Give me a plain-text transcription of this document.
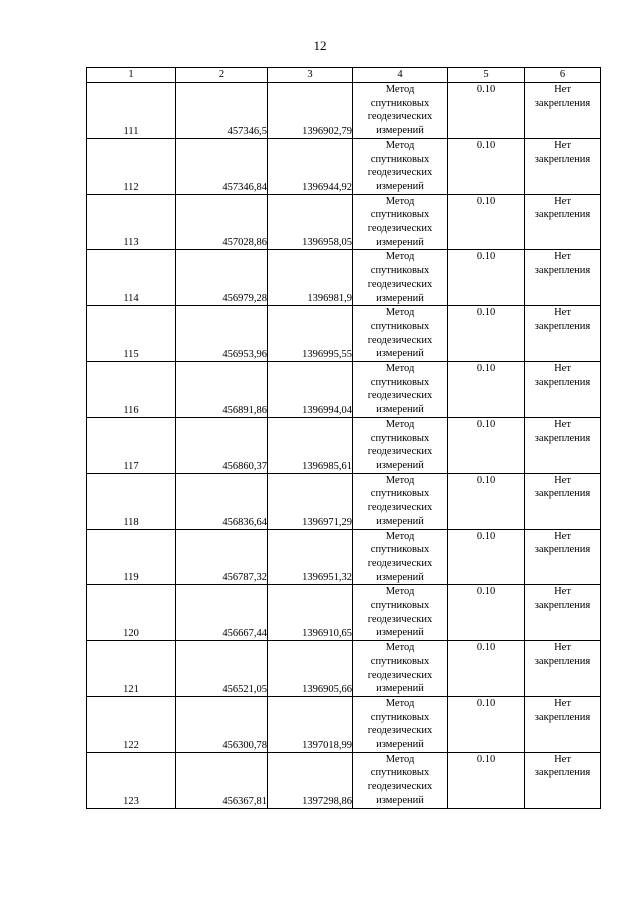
12
1	2	3	4	5	6
111	457346,5	1396902,79	Метод
спутниковых
геодезических
измерений	0.10	Нет
закрепления

112	457346,84	1396944,92	Метод
спутниковых
геодезических
измерений	0.10	Нет
закрепления

113	457028,86	1396958,05	Метод
спутниковых
геодезических
измерений	0.10	Нет
закрепления

114	456979,28	1396981,9	Метод
спутниковых
геодезических
измерений	0.10	Нет
закрепления

115	456953,96	1396995,55	Метод
спутниковых
геодезических
измерений	0.10	Нет
закрепления

116	456891,86	1396994,04	Метод
спутниковых
геодезических
измерений	0.10	Нет
закрепления

117	456860,37	1396985,61	Метод
спутниковых
геодезических
измерений	0.10	Нет
закрепления

118	456836,64	1396971,29	Метод
спутниковых
геодезических
измерений	0.10	Нет
закрепления

119	456787,32	1396951,32	Метод
спутниковых
геодезических
измерений	0.10	Нет
закрепления

120	456667,44	1396910,65	Метод
спутниковых
геодезических
измерений	0.10	Нет
закрепления

121	456521,05	1396905,66	Метод
спутниковых
геодезических
измерений	0.10	Нет
закрепления

122	456300,78	1397018,99	Метод
спутниковых
геодезических
измерений	0.10	Нет
закрепления

123	456367,81	1397298,86	Метод
спутниковых
геодезических
измерений	0.10	Нет
закрепления
